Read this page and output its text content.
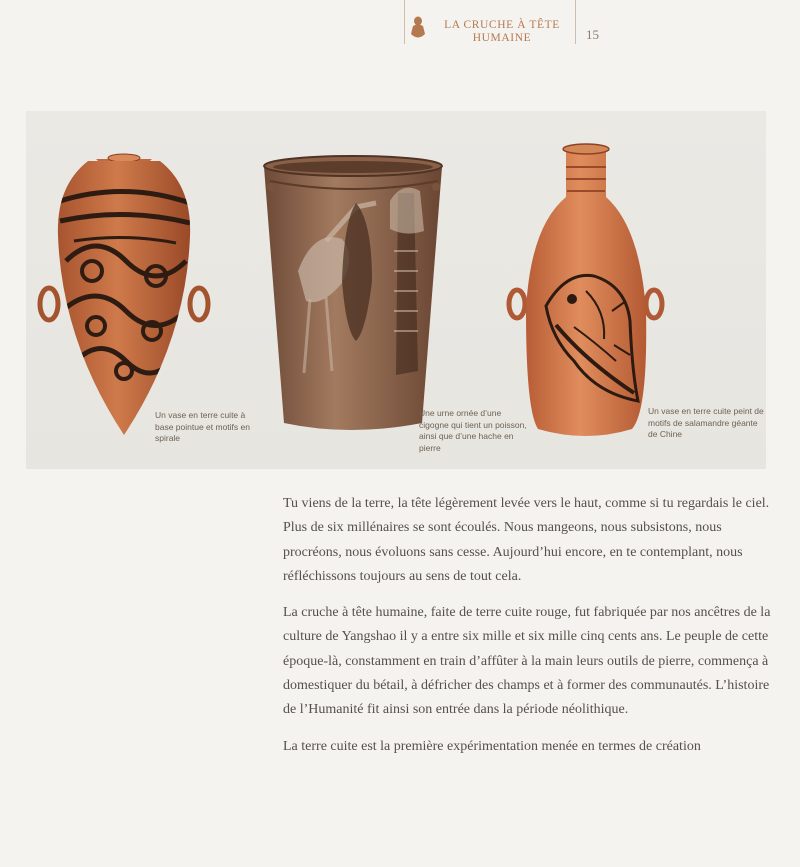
LA CRUCHE À TÊTE
HUMAINE	15
Un vase en terre cuite à base pointue et motifs en spirale
Une urne ornée d’une cigogne qui tient un poisson, ainsi que d’une hache en pierre
Un vase en terre cuite peint de motifs de salamandre géante de Chine

Tu viens de la terre, la tête légèrement levée vers le haut, comme si tu regardais le ciel. Plus de six millénaires se sont écoulés. Nous mangeons, nous subsistons, nous procréons, nous évoluons sans cesse. Aujourd’hui encore, en te contemplant, nous réfléchissons toujours au sens de tout cela.

La cruche à tête humaine, faite de terre cuite rouge, fut fabriquée par nos ancêtres de la culture de Yangshao il y a entre six mille et six mille cinq cents ans. Le peuple de cette époque-là, constamment en train d’affûter à la main leurs outils de pierre, commença à domestiquer du bétail, à défricher des champs et à former des communautés. L’histoire de l’Humanité fit ainsi son entrée dans la période néolithique.

La terre cuite est la première expérimentation menée en termes de création
